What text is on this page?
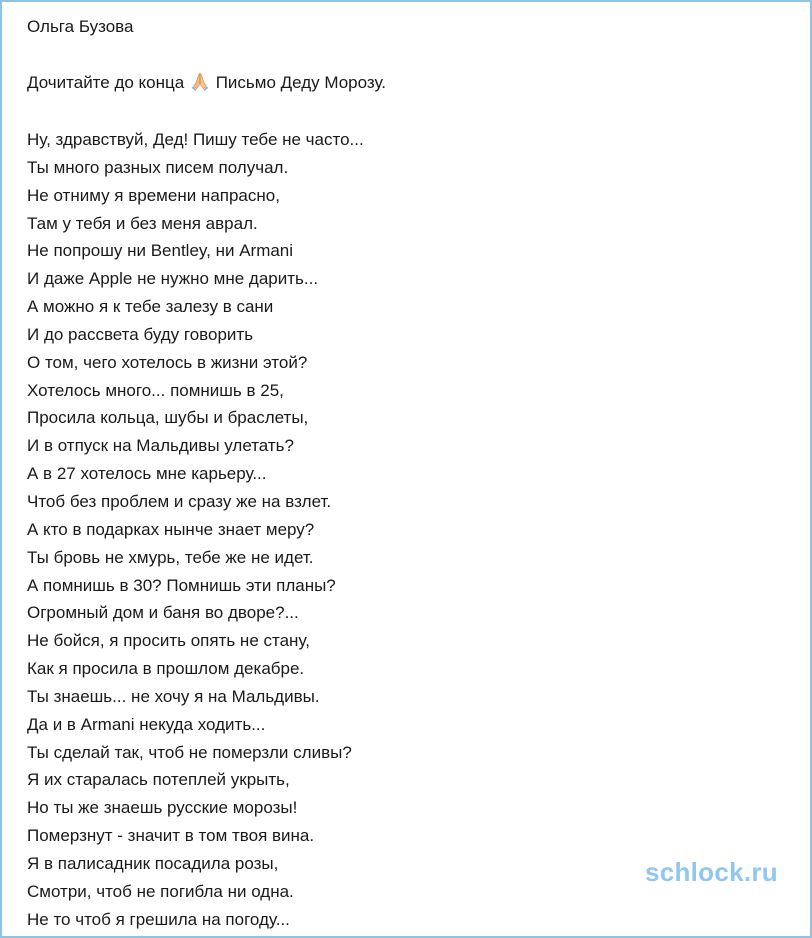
Ольга Бузова
Дочитайте до конца Письмо Деду Морозу.
Ну, здравствуй, Дед! Пишу тебе не часто...
Ты много разных писем получал.
Не отниму я времени напрасно,
Там у тебя и без меня аврал.
Не попрошу ни Bentley, ни Armani
И даже Apple не нужно мне дарить...
А можно я к тебе залезу в сани
И до рассвета буду говорить
О том, чего хотелось в жизни этой?
Хотелось много... помнишь в 25,
Просила кольца, шубы и браслеты,
И в отпуск на Мальдивы улетать?
А в 27 хотелось мне карьеру...
Чтоб без проблем и сразу же на взлет.
А кто в подарках нынче знает меру?
Ты бровь не хмурь, тебе же не идет.
А помнишь в 30? Помнишь эти планы?
Огромный дом и баня во дворе?...
Не бойся, я просить опять не стану,
Как я просила в прошлом декабре.
Ты знаешь... не хочу я на Мальдивы.
Да и в Armani некуда ходить...
Ты сделай так, чтоб не померзли сливы?
Я их старалась потеплей укрыть,
Но ты же знаешь русские морозы!
Померзнут - значит в том твоя вина.
Я в палисадник посадила розы,
Смотри, чтоб не погибла ни одна.
Не то чтоб я грешила на погоду...
schlock.ru
